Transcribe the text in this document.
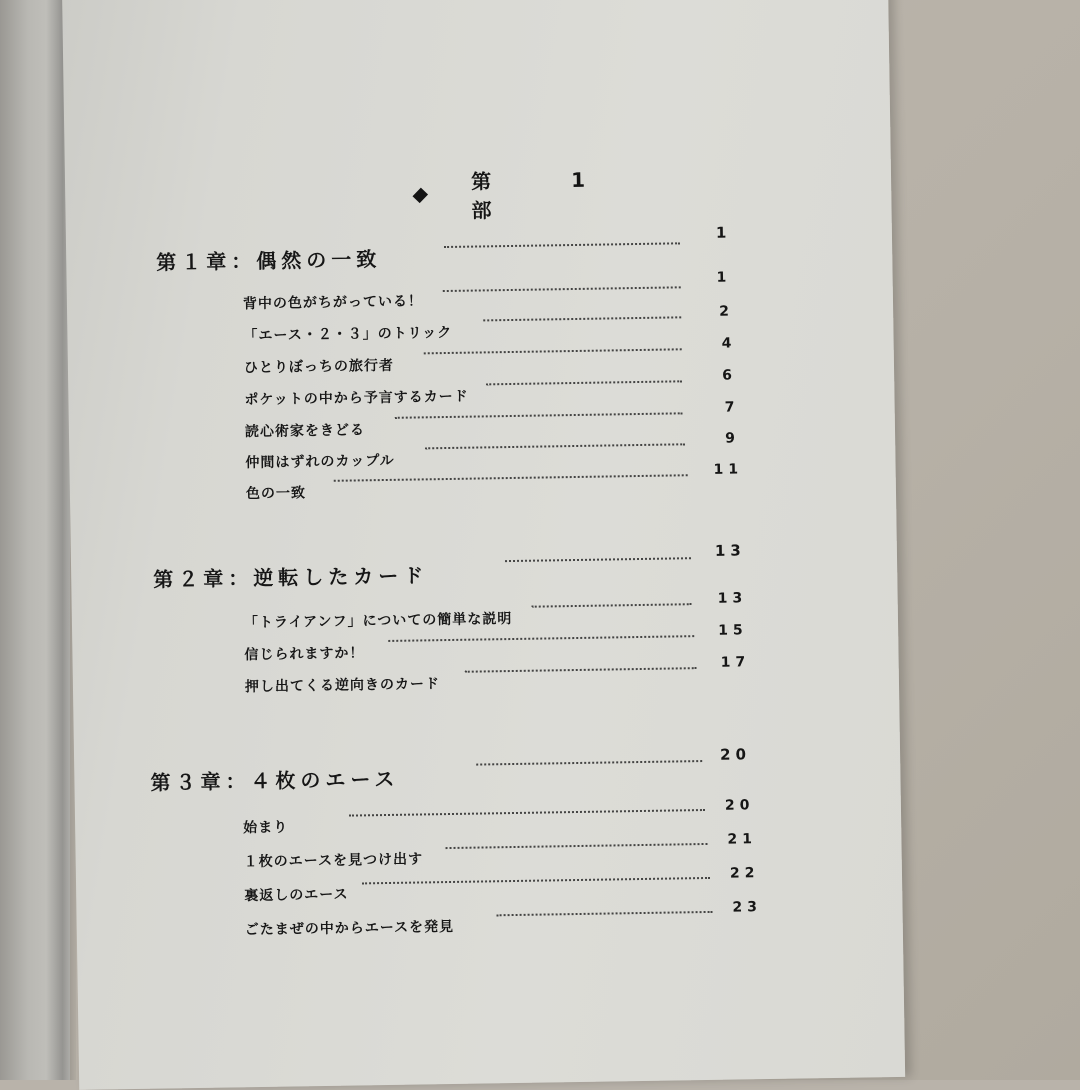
第　1　部
第１章：偶然の一致
1
背中の色がちがっている！
1
「エース・２・３」のトリック
2
ひとりぼっちの旅行者
4
ポケットの中から予言するカード
6
読心術家をきどる
7
仲間はずれのカップル
9
色の一致
11
第２章：逆転したカード
13
「トライアンフ」についての簡単な説明
13
信じられますか！
15
押し出てくる逆向きのカード
17
第３章：４枚のエース
20
始まり
20
１枚のエースを見つけ出す
21
裏返しのエース
22
ごたまぜの中からエースを発見
23
